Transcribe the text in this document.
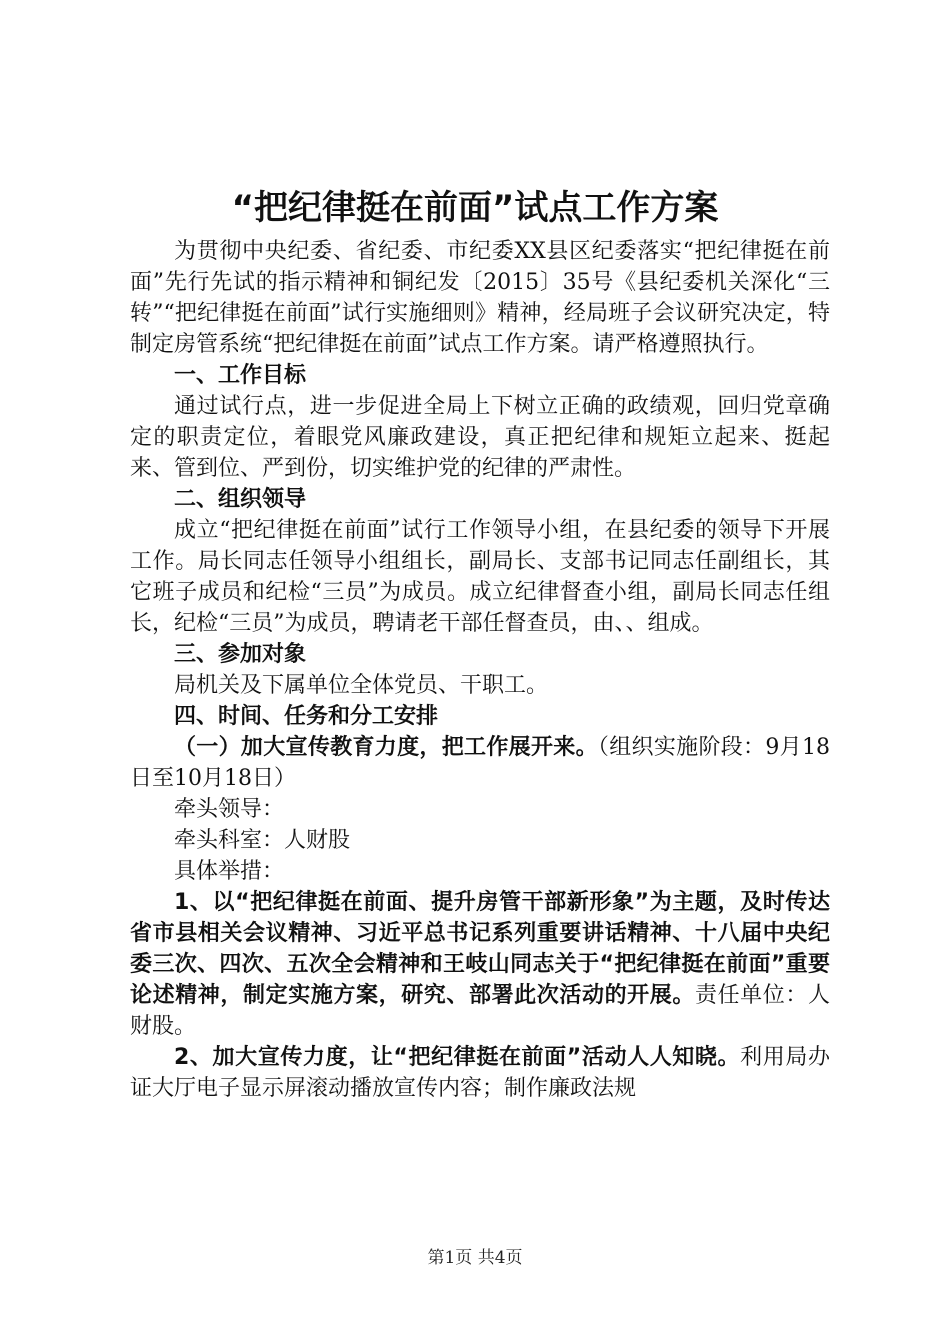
“把纪律挺在前面”试点工作方案

为贯彻中央纪委、省纪委、市纪委XX县区纪委落实“把纪律挺在前面”先行先试的指示精神和铜纪发〔2015〕35号《县纪委机关深化“三转”“把纪律挺在前面”试行实施细则》精神，经局班子会议研究决定，特制定房管系统“把纪律挺在前面”试点工作方案。请严格遵照执行。

一、工作目标

通过试行点，进一步促进全局上下树立正确的政绩观，回归党章确定的职责定位，着眼党风廉政建设，真正把纪律和规矩立起来、挺起来、管到位、严到份，切实维护党的纪律的严肃性。

二、组织领导

成立“把纪律挺在前面”试行工作领导小组，在县纪委的领导下开展工作。局长同志任领导小组组长，副局长、支部书记同志任副组长，其它班子成员和纪检“三员”为成员。成立纪律督查小组，副局长同志任组长，纪检“三员”为成员，聘请老干部任督查员，由、、组成。

三、参加对象

局机关及下属单位全体党员、干职工。

四、时间、任务和分工安排

（一）加大宣传教育力度，把工作展开来。（组织实施阶段：9月18日至10月18日）

牵头领导：

牵头科室：人财股

具体举措：

1、以“把纪律挺在前面、提升房管干部新形象”为主题，及时传达省市县相关会议精神、习近平总书记系列重要讲话精神、十八届中央纪委三次、四次、五次全会精神和王岐山同志关于“把纪律挺在前面”重要论述精神，制定实施方案，研究、部署此次活动的开展。责任单位：人财股。

2、加大宣传力度，让“把纪律挺在前面”活动人人知晓。利用局办证大厅电子显示屏滚动播放宣传内容；制作廉政法规

第1页 共4页
